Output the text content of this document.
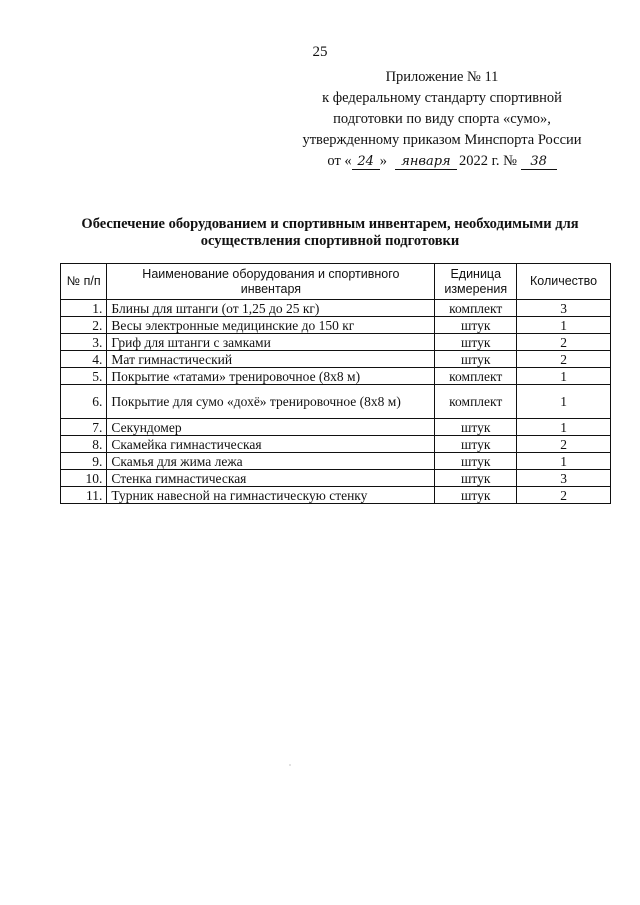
25
Приложение № 11
к федеральному стандарту спортивной
подготовки по виду спорта «сумо»,
утвержденному приказом Минспорта России
от « 24 » января 2022 г. № 38
Обеспечение оборудованием и спортивным инвентарем, необходимыми для осуществления спортивной подготовки
№ п/п	Наименование оборудования и спортивного инвентаря	Единица измерения	Количество
1.	Блины для штанги (от 1,25 до 25 кг)	комплект	3
2.	Весы электронные медицинские до 150 кг	штук	1
3.	Гриф для штанги с замками	штук	2
4.	Мат гимнастический	штук	2
5.	Покрытие «татами» тренировочное (8x8 м)	комплект	1
6.	Покрытие для сумо «дохё» тренировочное (8x8 м)	комплект	1
7.	Секундомер	штук	1
8.	Скамейка гимнастическая	штук	2
9.	Скамья для жима лежа	штук	1
10.	Стенка гимнастическая	штук	3
11.	Турник навесной на гимнастическую стенку	штук	2
